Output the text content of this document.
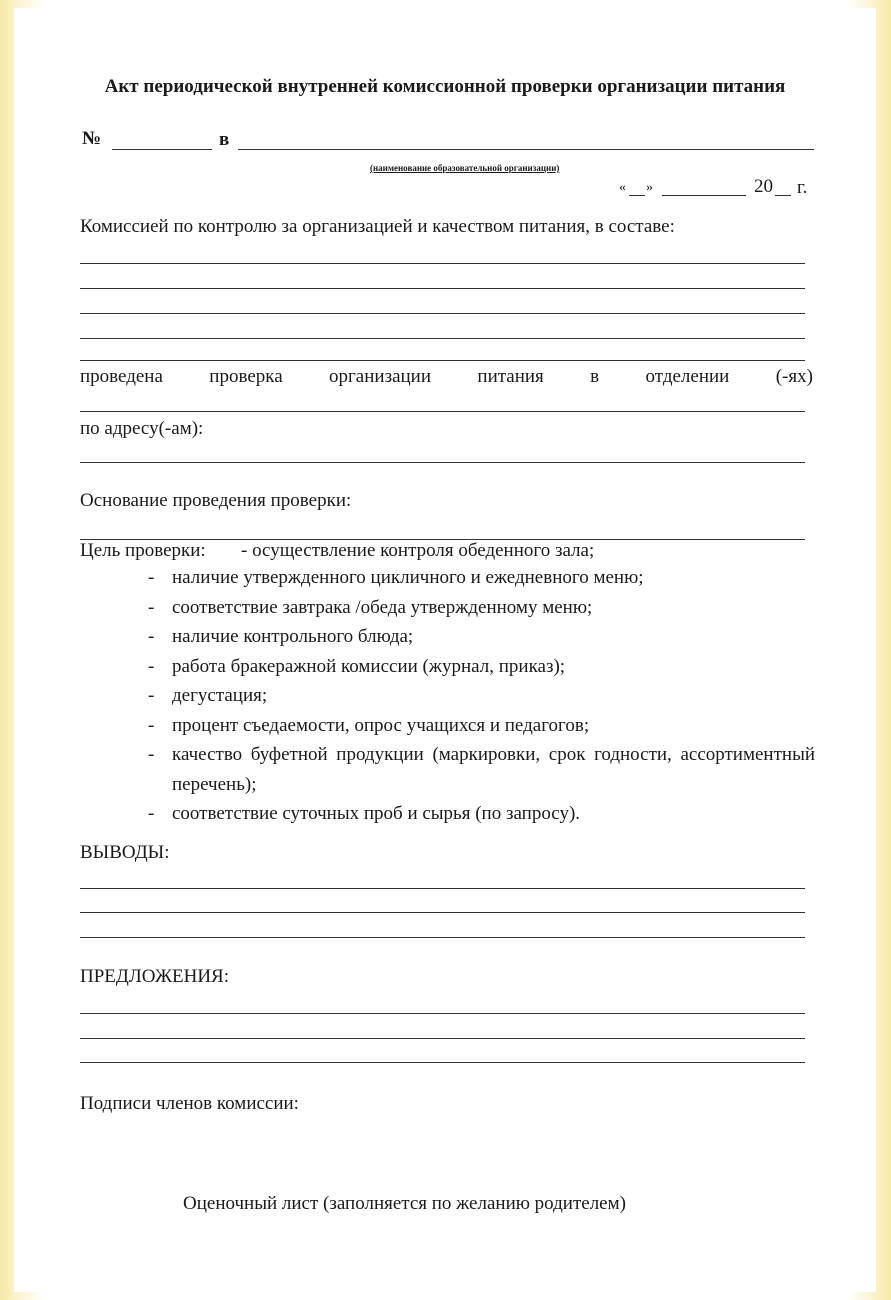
Акт периодической внутренней комиссионной проверки организации питания
№	в
(наименование образовательной организации)
« »	20 г.
Комиссией по контролю за организацией и качеством питания, в составе:
проведена проверка организации питания в отделении (-ях)
по адресу(-ам):
Основание проведения проверки:
Цель проверки: - осуществление контроля обеденного зала;
- наличие утвержденного цикличного и ежедневного меню;
- соответствие завтрака /обеда утвержденному меню;
- наличие контрольного блюда;
- работа бракеражной комиссии (журнал, приказ);
- дегустация;
- процент съедаемости, опрос учащихся и педагогов;
- качество буфетной продукции (маркировки, срок годности, ассортиментный перечень);
- соответствие суточных проб и сырья (по запросу).
ВЫВОДЫ:
ПРЕДЛОЖЕНИЯ:
Подписи членов комиссии:
Оценочный лист (заполняется по желанию родителем)
